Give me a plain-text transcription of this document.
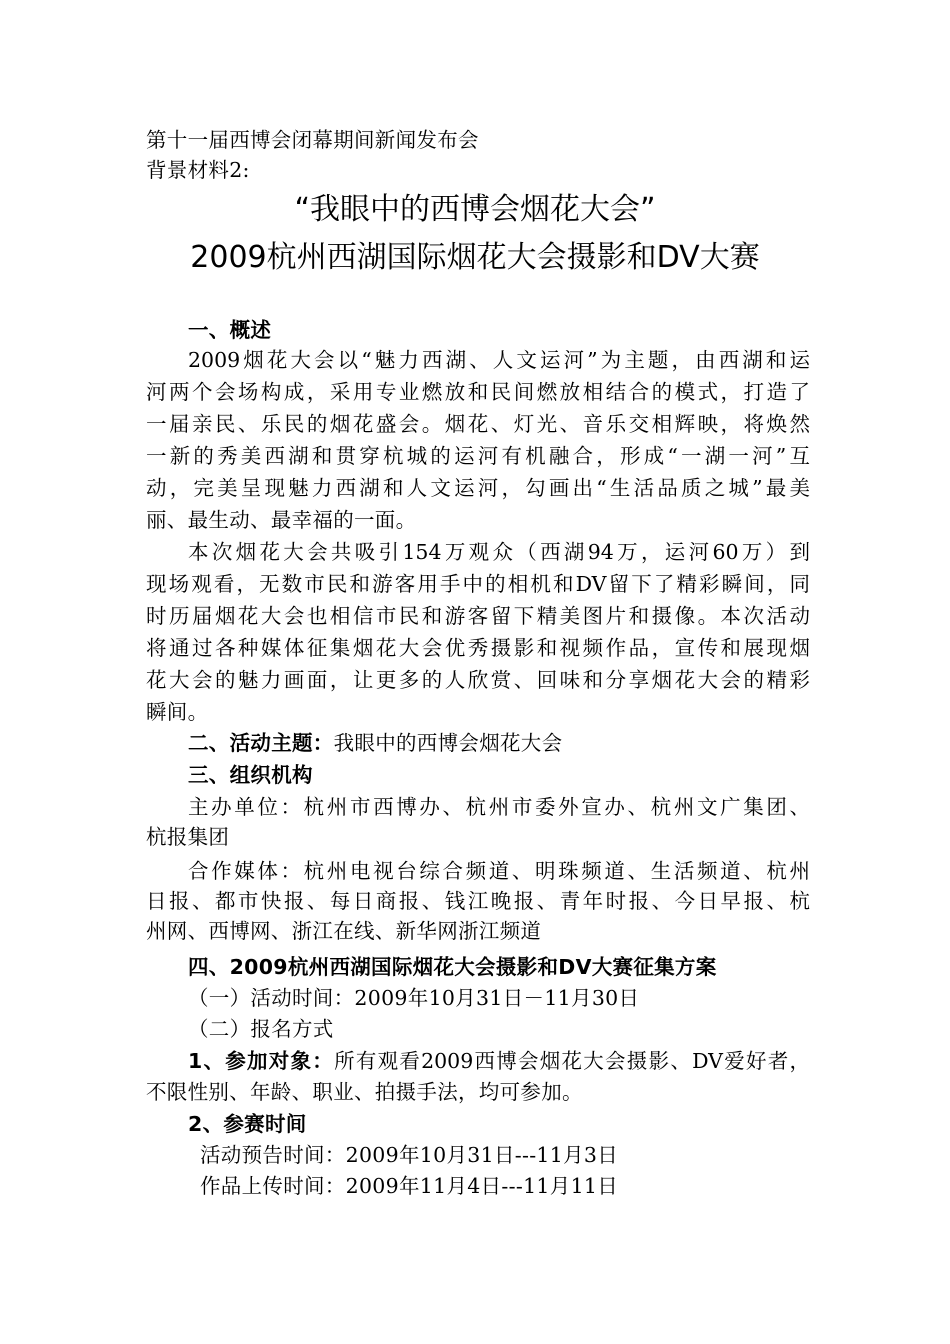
第十一届西博会闭幕期间新闻发布会
背景材料2:
“我眼中的西博会烟花大会”
2009杭州西湖国际烟花大会摄影和DV大赛
一、概述
2009烟花大会以“魅力西湖、人文运河”为主题，由西湖和运
河两个会场构成，采用专业燃放和民间燃放相结合的模式，打造了
一届亲民、乐民的烟花盛会。烟花、灯光、音乐交相辉映，将焕然
一新的秀美西湖和贯穿杭城的运河有机融合，形成“一湖一河”互
动，完美呈现魅力西湖和人文运河，勾画出“生活品质之城”最美
丽、最生动、最幸福的一面。
本次烟花大会共吸引154万观众（西湖94万，运河60万）到
现场观看，无数市民和游客用手中的相机和DV留下了精彩瞬间，同
时历届烟花大会也相信市民和游客留下精美图片和摄像。本次活动
将通过各种媒体征集烟花大会优秀摄影和视频作品，宣传和展现烟
花大会的魅力画面，让更多的人欣赏、回味和分享烟花大会的精彩
瞬间。
二、活动主题：我眼中的西博会烟花大会
三、组织机构
主办单位：杭州市西博办、杭州市委外宣办、杭州文广集团、
杭报集团
合作媒体：杭州电视台综合频道、明珠频道、生活频道、杭州
日报、都市快报、每日商报、钱江晚报、青年时报、今日早报、杭
州网、西博网、浙江在线、新华网浙江频道
四、2009杭州西湖国际烟花大会摄影和DV大赛征集方案
（一）活动时间：2009年10月31日－11月30日
（二）报名方式
1、参加对象：所有观看2009西博会烟花大会摄影、DV爱好者，
不限性别、年龄、职业、拍摄手法，均可参加。
2、参赛时间
活动预告时间：2009年10月31日---11月3日
作品上传时间：2009年11月4日---11月11日
